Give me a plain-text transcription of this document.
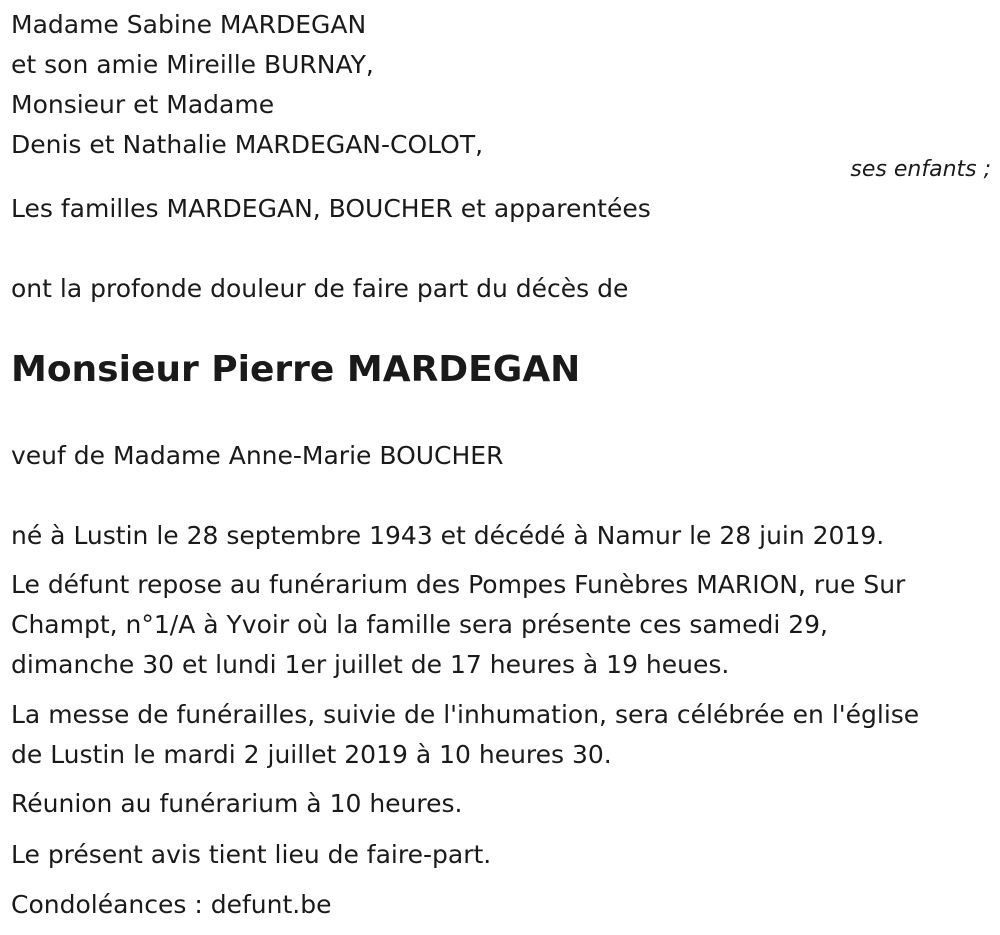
Madame Sabine MARDEGAN

et son amie Mireille BURNAY,

Monsieur et Madame

Denis et Nathalie MARDEGAN-COLOT,

ses enfants ;

Les familles MARDEGAN, BOUCHER et apparentées

ont la profonde douleur de faire part du décès de

Monsieur Pierre MARDEGAN

veuf de Madame Anne-Marie BOUCHER

né à Lustin le 28 septembre 1943 et décédé à Namur le 28 juin 2019.

Le défunt repose au funérarium des Pompes Funèbres MARION, rue Sur

Champt, n°1/A à Yvoir où la famille sera présente ces samedi 29,

dimanche 30 et lundi 1er juillet de 17 heures à 19 heues.

La messe de funérailles, suivie de l'inhumation, sera célébrée en l'église

de Lustin le mardi 2 juillet 2019 à 10 heures 30.

Réunion au funérarium à 10 heures.

Le présent avis tient lieu de faire-part.

Condoléances : defunt.be
